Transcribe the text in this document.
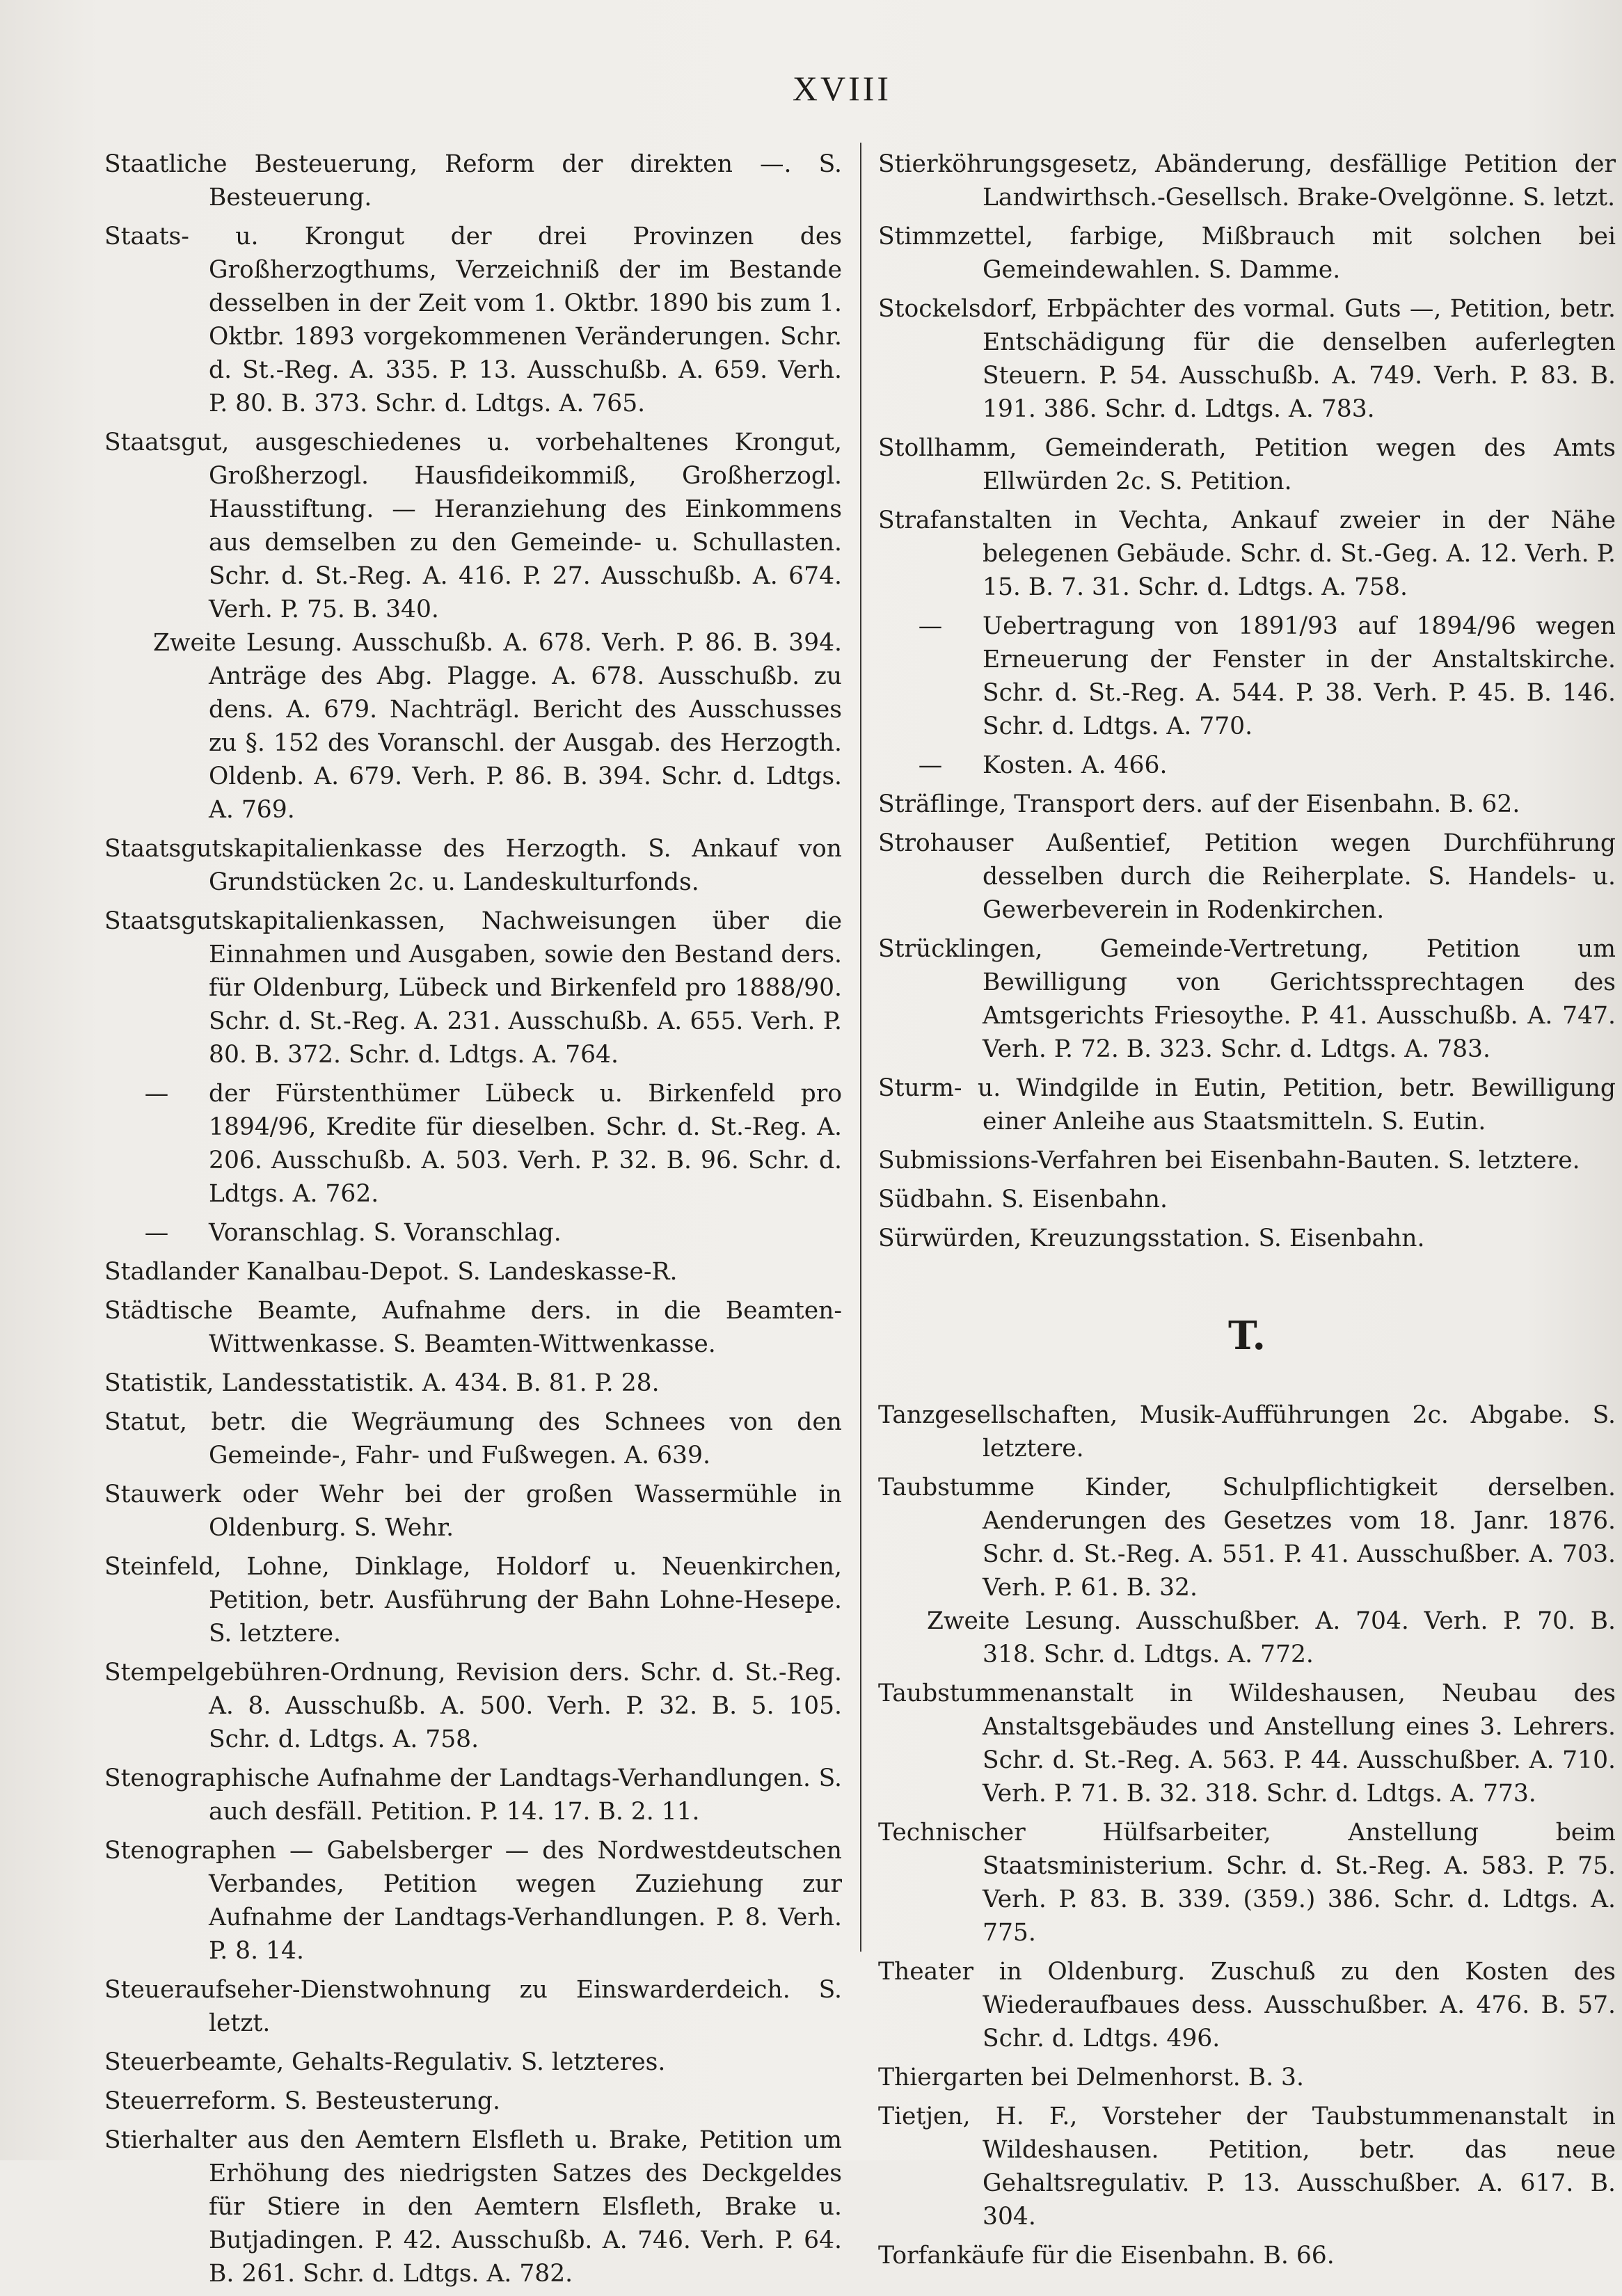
XVIII

Staatliche Besteuerung, Reform der direkten —. S. Besteuerung.

Staats- u. Krongut der drei Provinzen des Großherzogthums, Verzeichniß der im Bestande desselben in der Zeit vom 1. Oktbr. 1890 bis zum 1. Oktbr. 1893 vorgekommenen Veränderungen. Schr. d. St.-Reg. A. 335. P. 13. Ausschußb. A. 659. Verh. P. 80. B. 373. Schr. d. Ldtgs. A. 765.

Staatsgut, ausgeschiedenes u. vorbehaltenes Krongut, Großherzogl. Hausfideikommiß, Großherzogl. Hausstiftung. — Heranziehung des Einkommens aus demselben zu den Gemeinde- u. Schullasten. Schr. d. St.-Reg. A. 416. P. 27. Ausschußb. A. 674. Verh. P. 75. B. 340.

Zweite Lesung. Ausschußb. A. 678. Verh. P. 86. B. 394. Anträge des Abg. Plagge. A. 678. Ausschußb. zu dens. A. 679. Nachträgl. Bericht des Ausschusses zu §. 152 des Voranschl. der Ausgab. des Herzogth. Oldenb. A. 679. Verh. P. 86. B. 394. Schr. d. Ldtgs. A. 769.

Staatsgutskapitalienkasse des Herzogth. S. Ankauf von Grundstücken 2c. u. Landeskulturfonds.

Staatsgutskapitalienkassen, Nachweisungen über die Einnahmen und Ausgaben, sowie den Bestand ders. für Oldenburg, Lübeck und Birkenfeld pro 1888/90. Schr. d. St.-Reg. A. 231. Ausschußb. A. 655. Verh. P. 80. B. 372. Schr. d. Ldtgs. A. 764.

— der Fürstenthümer Lübeck u. Birkenfeld pro 1894/96, Kredite für dieselben. Schr. d. St.-Reg. A. 206. Ausschußb. A. 503. Verh. P. 32. B. 96. Schr. d. Ldtgs. A. 762.

— Voranschlag. S. Voranschlag.

Stadlander Kanalbau-Depot. S. Landeskasse-R.

Städtische Beamte, Aufnahme ders. in die Beamten-Wittwenkasse. S. Beamten-Wittwenkasse.

Statistik, Landesstatistik. A. 434. B. 81. P. 28.

Statut, betr. die Wegräumung des Schnees von den Gemeinde-, Fahr- und Fußwegen. A. 639.

Stauwerk oder Wehr bei der großen Wassermühle in Oldenburg. S. Wehr.

Steinfeld, Lohne, Dinklage, Holdorf u. Neuenkirchen, Petition, betr. Ausführung der Bahn Lohne-Hesepe. S. letztere.

Stempelgebühren-Ordnung, Revision ders. Schr. d. St.-Reg. A. 8. Ausschußb. A. 500. Verh. P. 32. B. 5. 105. Schr. d. Ldtgs. A. 758.

Stenographische Aufnahme der Landtags-Verhandlungen. S. auch desfäll. Petition. P. 14. 17. B. 2. 11.

Stenographen — Gabelsberger — des Nordwestdeutschen Verbandes, Petition wegen Zuziehung zur Aufnahme der Landtags-Verhandlungen. P. 8. Verh. P. 8. 14.

Steueraufseher-Dienstwohnung zu Einswarderdeich. S. letzt.

Steuerbeamte, Gehalts-Regulativ. S. letzteres.

Steuerreform. S. Besteusterung.

Stierhalter aus den Aemtern Elsfleth u. Brake, Petition um Erhöhung des niedrigsten Satzes des Deckgeldes für Stiere in den Aemtern Elsfleth, Brake u. Butjadingen. P. 42. Ausschußb. A. 746. Verh. P. 64. B. 261. Schr. d. Ldtgs. A. 782.

Stierköhrungsgesetz, Abänderung, desfällige Petition der Landwirthsch.-Gesellsch. Brake-Ovelgönne. S. letzt.

Stimmzettel, farbige, Mißbrauch mit solchen bei Gemeindewahlen. S. Damme.

Stockelsdorf, Erbpächter des vormal. Guts —, Petition, betr. Entschädigung für die denselben auferlegten Steuern. P. 54. Ausschußb. A. 749. Verh. P. 83. B. 191. 386. Schr. d. Ldtgs. A. 783.

Stollhamm, Gemeinderath, Petition wegen des Amts Ellwürden 2c. S. Petition.

Strafanstalten in Vechta, Ankauf zweier in der Nähe belegenen Gebäude. Schr. d. St.-Geg. A. 12. Verh. P. 15. B. 7. 31. Schr. d. Ldtgs. A. 758.

— Uebertragung von 1891/93 auf 1894/96 wegen Erneuerung der Fenster in der Anstaltskirche. Schr. d. St.-Reg. A. 544. P. 38. Verh. P. 45. B. 146. Schr. d. Ldtgs. A. 770.

— Kosten. A. 466.

Sträflinge, Transport ders. auf der Eisenbahn. B. 62.

Strohauser Außentief, Petition wegen Durchführung desselben durch die Reiherplate. S. Handels- u. Gewerbeverein in Rodenkirchen.

Strücklingen, Gemeinde-Vertretung, Petition um Bewilligung von Gerichtssprechtagen des Amtsgerichts Friesoythe. P. 41. Ausschußb. A. 747. Verh. P. 72. B. 323. Schr. d. Ldtgs. A. 783.

Sturm- u. Windgilde in Eutin, Petition, betr. Bewilligung einer Anleihe aus Staatsmitteln. S. Eutin.

Submissions-Verfahren bei Eisenbahn-Bauten. S. letztere.

Südbahn. S. Eisenbahn.

Sürwürden, Kreuzungsstation. S. Eisenbahn.

T.

Tanzgesellschaften, Musik-Aufführungen 2c. Abgabe. S. letztere.

Taubstumme Kinder, Schulpflichtigkeit derselben. Aenderungen des Gesetzes vom 18. Janr. 1876. Schr. d. St.-Reg. A. 551. P. 41. Ausschußber. A. 703. Verh. P. 61. B. 32.

Zweite Lesung. Ausschußber. A. 704. Verh. P. 70. B. 318. Schr. d. Ldtgs. A. 772.

Taubstummenanstalt in Wildeshausen, Neubau des Anstaltsgebäudes und Anstellung eines 3. Lehrers. Schr. d. St.-Reg. A. 563. P. 44. Ausschußber. A. 710. Verh. P. 71. B. 32. 318. Schr. d. Ldtgs. A. 773.

Technischer Hülfsarbeiter, Anstellung beim Staatsministerium. Schr. d. St.-Reg. A. 583. P. 75. Verh. P. 83. B. 339. (359.) 386. Schr. d. Ldtgs. A. 775.

Theater in Oldenburg. Zuschuß zu den Kosten des Wiederaufbaues dess. Ausschußber. A. 476. B. 57. Schr. d. Ldtgs. 496.

Thiergarten bei Delmenhorst. B. 3.

Tietjen, H. F., Vorsteher der Taubstummenanstalt in Wildeshausen. Petition, betr. das neue Gehaltsregulativ. P. 13. Ausschußber. A. 617. B. 304.

Torfankäufe für die Eisenbahn. B. 66.
